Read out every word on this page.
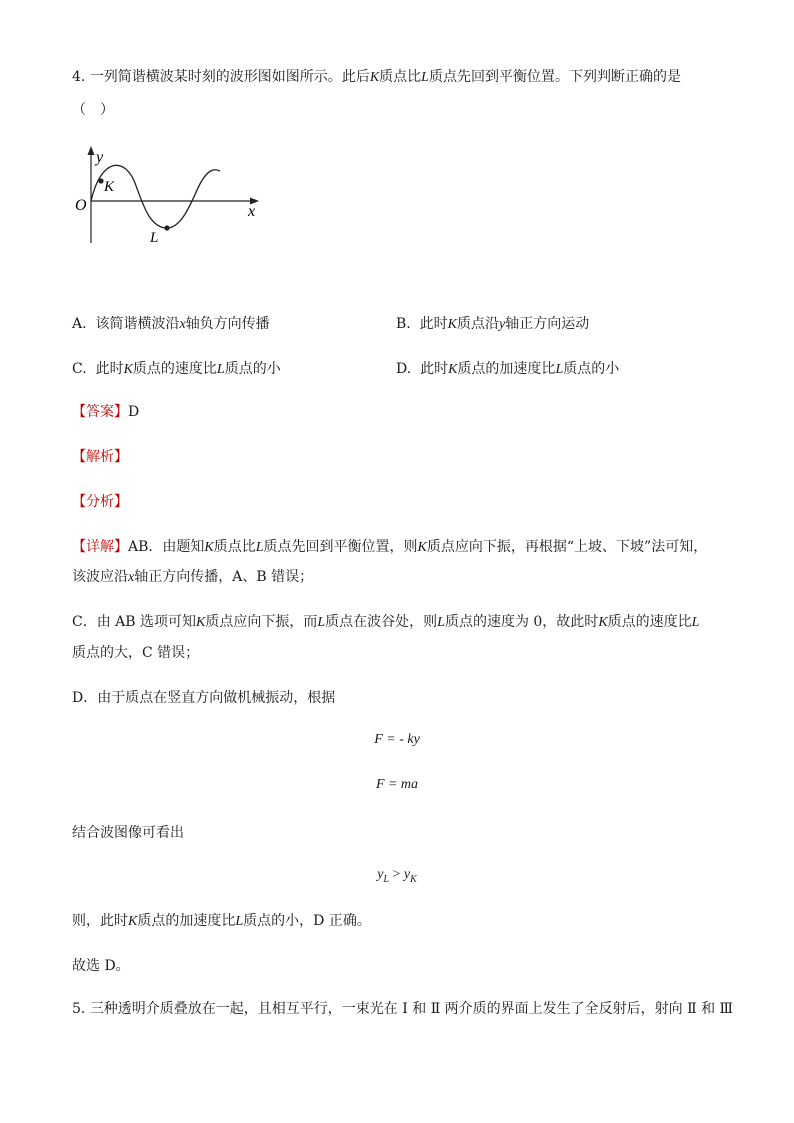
4. 一列简谐横波某时刻的波形图如图所示。此后K质点比L质点先回到平衡位置。下列判断正确的是
（　）
y
x
O
K
L
A. 该简谐横波沿x轴负方向传播	B. 此时K质点沿y轴正方向运动
C. 此时K质点的速度比L质点的小	D. 此时K质点的加速度比L质点的小
【答案】D
【解析】
【分析】
【详解】AB．由题知K质点比L质点先回到平衡位置，则K质点应向下振，再根据“上坡、下坡”法可知，
该波应沿x轴正方向传播，A、B 错误；
C．由 AB 选项可知K质点应向下振，而L质点在波谷处，则L质点的速度为 0，故此时K质点的速度比L
质点的大，C 错误；
D．由于质点在竖直方向做机械振动，根据
F = - ky
F = ma
结合波图像可看出
$y_L > y_K$
则，此时K质点的加速度比L质点的小，D 正确。
故选 D。
5. 三种透明介质叠放在一起，且相互平行，一束光在 Ⅰ 和 Ⅱ 两介质的界面上发生了全反射后，射向 Ⅱ 和 Ⅲ
